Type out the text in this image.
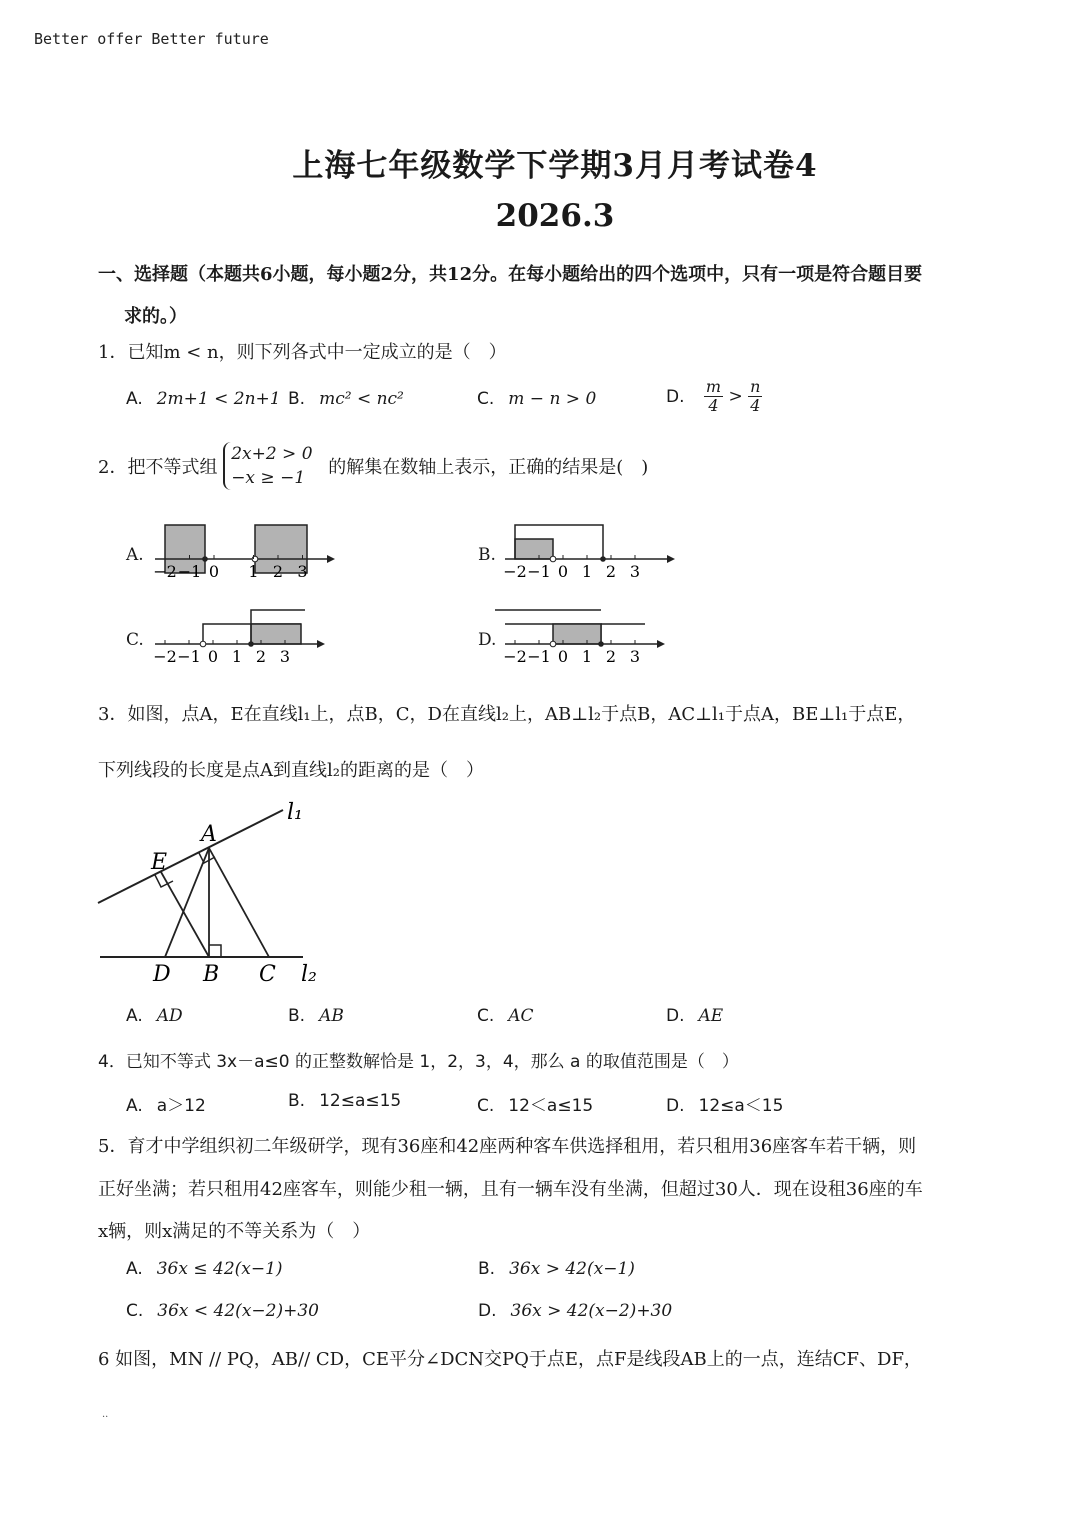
Better offer Better future
上海七年级数学下学期3月月考试卷4
2026.3
一、选择题（本题共6小题，每小题2分，共12分。在每小题给出的四个选项中，只有一项是符合题目要
求的。）
1．已知m < n，则下列各式中一定成立的是（　）
A. 2m+1 < 2n+1 B. mc² < nc²	C. m − n > 0	D. $\frac{m}{4} > \frac{n}{4}$
2．把不等式组
2x+2 > 0
−x ≥ −1	的解集在数轴上表示，正确的结果是(　)
A.
−2 −1 0 1 2 3
B.
−2 −1 0 1 2 3
C.
−2 −1 0 1 2 3
D.
−2 −1 0 1 2 3
3．如图，点A，E在直线l₁上，点B，C，D在直线l₂上，AB⊥l₂于点B，AC⊥l₁于点A，BE⊥l₁于点E，
下列线段的长度是点A到直线l₂的距离的是（　）
l₁
A
E
D B C l₂
A. AD	B. AB	C. AC	D. AE
4．已知不等式 3x－a≤0 的正整数解恰是 1，2，3，4，那么 a 的取值范围是（　）
A. a＞12	B. 12≤a≤15	C. 12＜a≤15	D. 12≤a＜15
5．育才中学组织初二年级研学，现有36座和42座两种客车供选择租用，若只租用36座客车若干辆，则
正好坐满；若只租用42座客车，则能少租一辆，且有一辆车没有坐满，但超过30人．现在设租36座的车
x辆，则x满足的不等关系为（　）
A. 36x ≤ 42(x−1)	B. 36x > 42(x−1)
C. 36x < 42(x−2)+30	D. 36x > 42(x−2)+30
6 如图，MN // PQ，AB// CD，CE平分∠DCN交PQ于点E，点F是线段AB上的一点，连结CF、DF，
··
